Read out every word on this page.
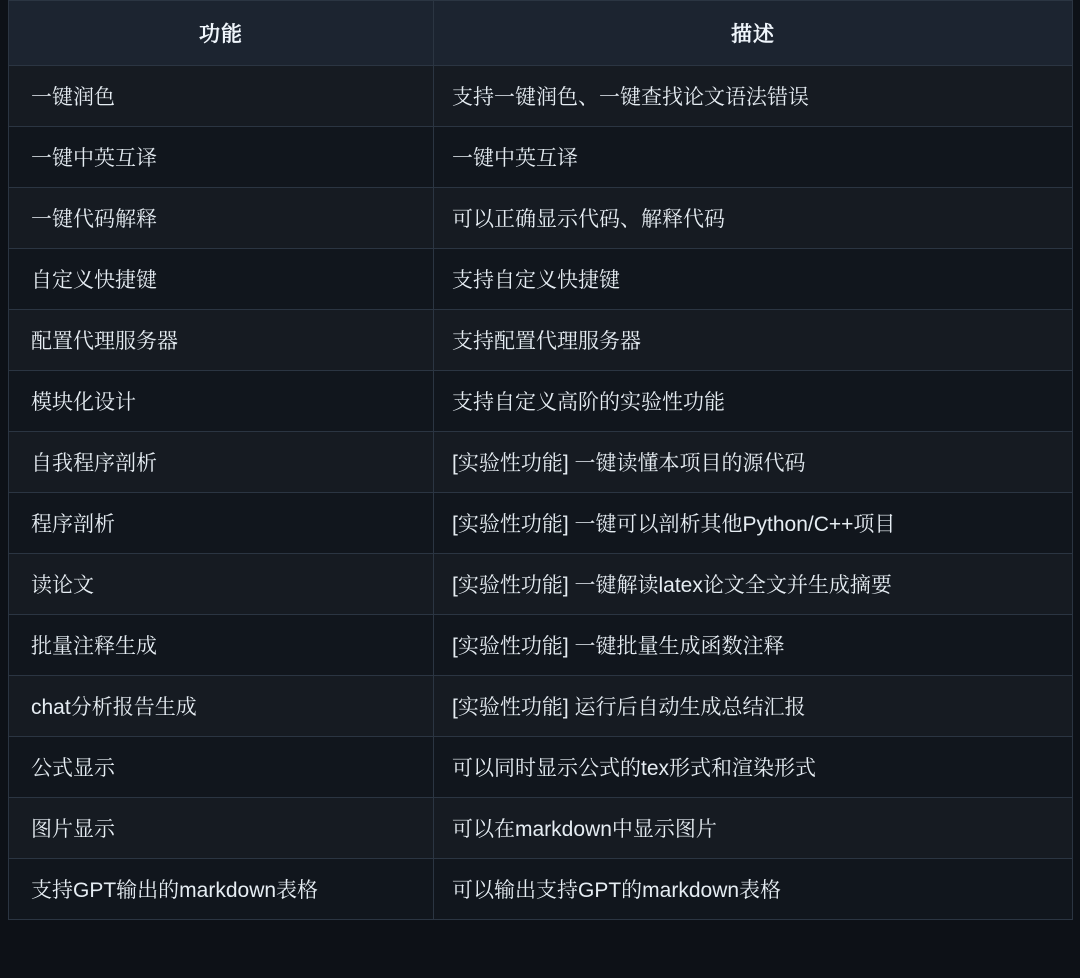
功能	描述
一键润色	支持一键润色、一键查找论文语法错误
一键中英互译	一键中英互译
一键代码解释	可以正确显示代码、解释代码
自定义快捷键	支持自定义快捷键
配置代理服务器	支持配置代理服务器
模块化设计	支持自定义高阶的实验性功能
自我程序剖析	[实验性功能] 一键读懂本项目的源代码
程序剖析	[实验性功能] 一键可以剖析其他Python/C++项目
读论文	[实验性功能] 一键解读latex论文全文并生成摘要
批量注释生成	[实验性功能] 一键批量生成函数注释
chat分析报告生成	[实验性功能] 运行后自动生成总结汇报
公式显示	可以同时显示公式的tex形式和渲染形式
图片显示	可以在markdown中显示图片
支持GPT输出的markdown表格	可以输出支持GPT的markdown表格
